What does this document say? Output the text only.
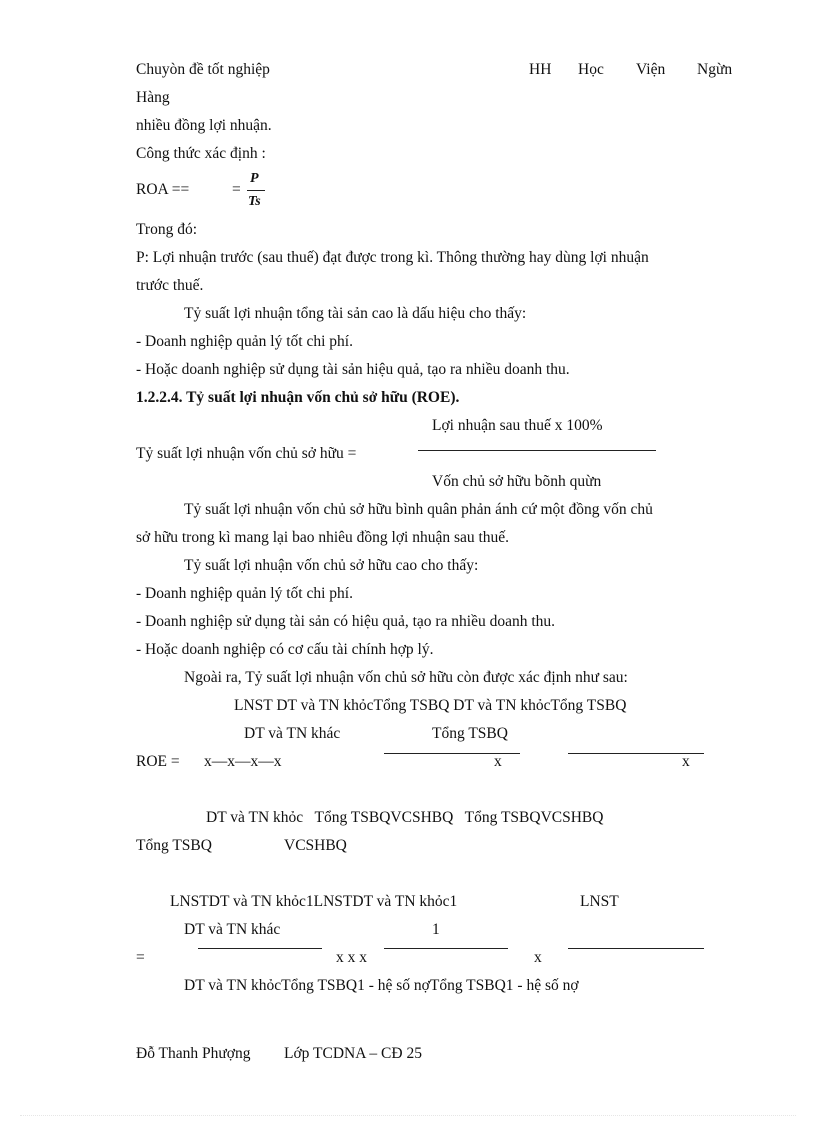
Chuyòn đề tốt nghiệp	HH Học Viện Ngừn
Hàng
nhiều đồng lợi nhuận.
Công thức xác định :
ROA ==	=
P
Ts
Trong đó:
P: Lợi nhuận trước (sau thuế) đạt được trong kì. Thông thường hay dùng lợi nhuận
trước thuế.
Tỷ suất lợi nhuận tổng tài sản cao là dấu hiệu cho thấy:
- Doanh nghiệp quản lý tốt chi phí.
- Hoặc doanh nghiệp sử dụng tài sản hiệu quả, tạo ra nhiều doanh thu.
1.2.2.4. Tỷ suất lợi nhuận vốn chủ sở hữu (ROE).
Lợi nhuận sau thuế x 100%
Tỷ suất lợi nhuận vốn chủ sở hữu =
Vốn chủ sở hữu bõnh quừn
Tỷ suất lợi nhuận vốn chủ sở hữu bình quân phản ánh cứ một đồng vốn chủ
sở hữu trong kì mang lại bao nhiêu đồng lợi nhuận sau thuế.
Tỷ suất lợi nhuận vốn chủ sở hữu cao cho thấy:
- Doanh nghiệp quản lý tốt chi phí.
- Doanh nghiệp sử dụng tài sản có hiệu quả, tạo ra nhiều doanh thu.
- Hoặc doanh nghiệp có cơ cấu tài chính hợp lý.
Ngoài ra, Tỷ suất lợi nhuận vốn chủ sở hữu còn được xác định như sau:
LNST DT và TN khỏcTổng TSBQ DT và TN khỏcTổng TSBQ
DT và TN khác	Tổng TSBQ
ROE = x—x—x—x	x	x
DT và TN khỏc   Tổng TSBQVCSHBQ   Tổng TSBQVCSHBQ
Tổng TSBQ	VCSHBQ
LNSTDT và TN khỏc1LNSTDT và TN khỏc1	LNST
DT và TN khác	1
=	x x x	x
DT và TN khỏcTổng TSBQ1 - hệ số nợTổng TSBQ1 - hệ số nợ
Đỗ Thanh Phượng Lớp TCDNA – CĐ 25
